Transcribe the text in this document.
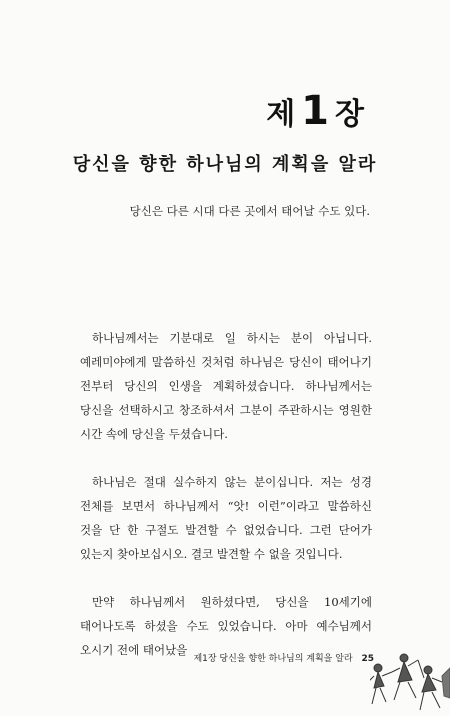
제 1 장
당신을 향한 하나님의 계획을 알라
당신은 다른 시대 다른 곳에서 태어날 수도 있다.

하나님께서는 기분대로 일 하시는 분이 아닙니다. 예레미야에게 말씀하신 것처럼 하나님은 당신이 태어나기 전부터 당신의 인생을 계획하셨습니다. 하나님께서는 당신을 선택하시고 창조하셔서 그분이 주관하시는 영원한 시간 속에 당신을 두셨습니다.

하나님은 절대 실수하지 않는 분이십니다. 저는 성경 전체를 보면서 하나님께서 “앗! 이런”이라고 말씀하신 것을 단 한 구절도 발견할 수 없었습니다. 그런 단어가 있는지 찾아보십시오. 결코 발견할 수 없을 것입니다.

만약 하나님께서 원하셨다면, 당신을 10세기에 태어나도록 하셨을 수도 있었습니다. 아마 예수님께서 오시기 전에 태어났을

제1장 당신을 향한 하나님의 계획을 알라 25
